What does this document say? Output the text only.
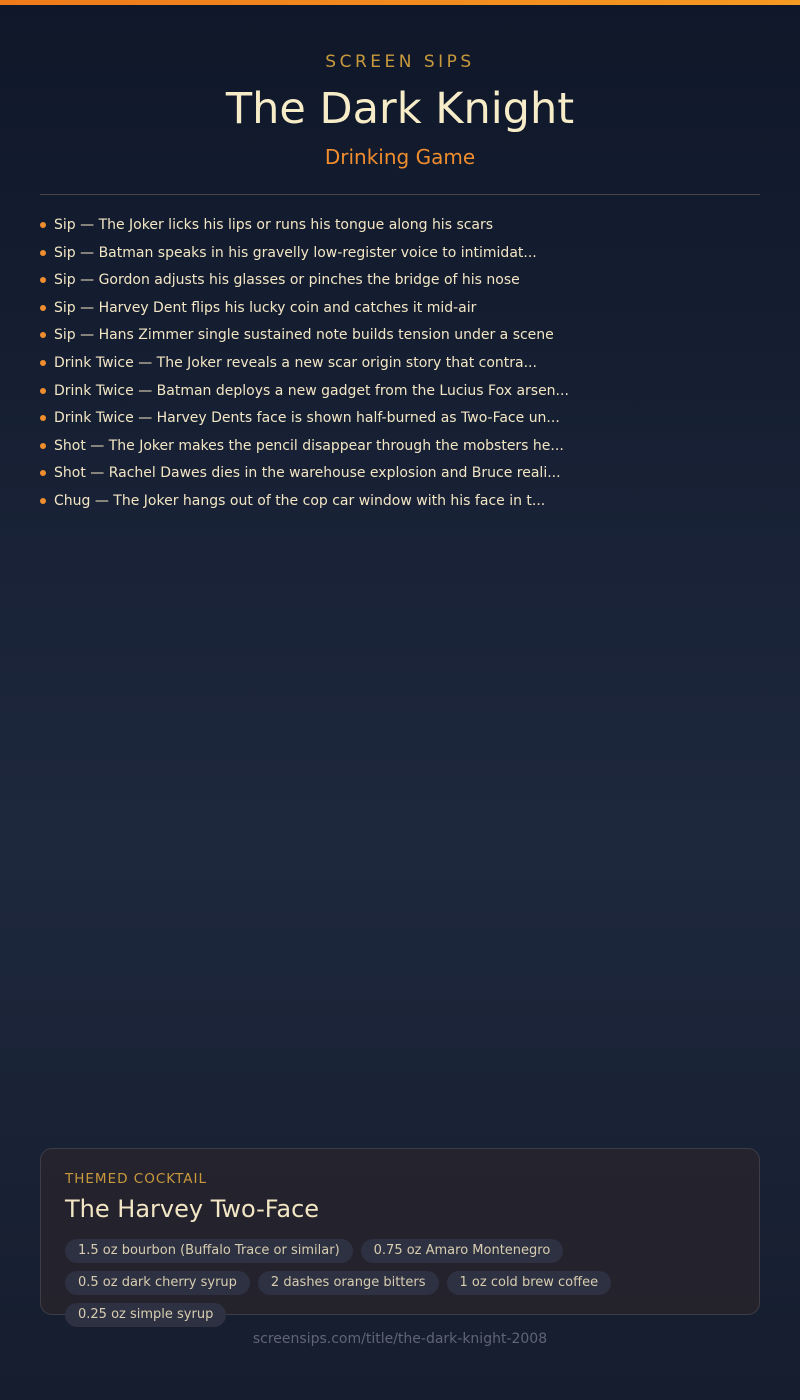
SCREEN SIPS
The Dark Knight
Drinking Game
Sip — The Joker licks his lips or runs his tongue along his scars
Sip — Batman speaks in his gravelly low-register voice to intimidat...
Sip — Gordon adjusts his glasses or pinches the bridge of his nose
Sip — Harvey Dent flips his lucky coin and catches it mid-air
Sip — Hans Zimmer single sustained note builds tension under a scene
Drink Twice — The Joker reveals a new scar origin story that contra...
Drink Twice — Batman deploys a new gadget from the Lucius Fox arsen...
Drink Twice — Harvey Dents face is shown half-burned as Two-Face un...
Shot — The Joker makes the pencil disappear through the mobsters he...
Shot — Rachel Dawes dies in the warehouse explosion and Bruce reali...
Chug — The Joker hangs out of the cop car window with his face in t...
THEMED COCKTAIL
The Harvey Two-Face
1.5 oz bourbon (Buffalo Trace or similar)	0.75 oz Amaro Montenegro
0.5 oz dark cherry syrup	2 dashes orange bitters	1 oz cold brew coffee
0.25 oz simple syrup
screensips.com/title/the-dark-knight-2008
